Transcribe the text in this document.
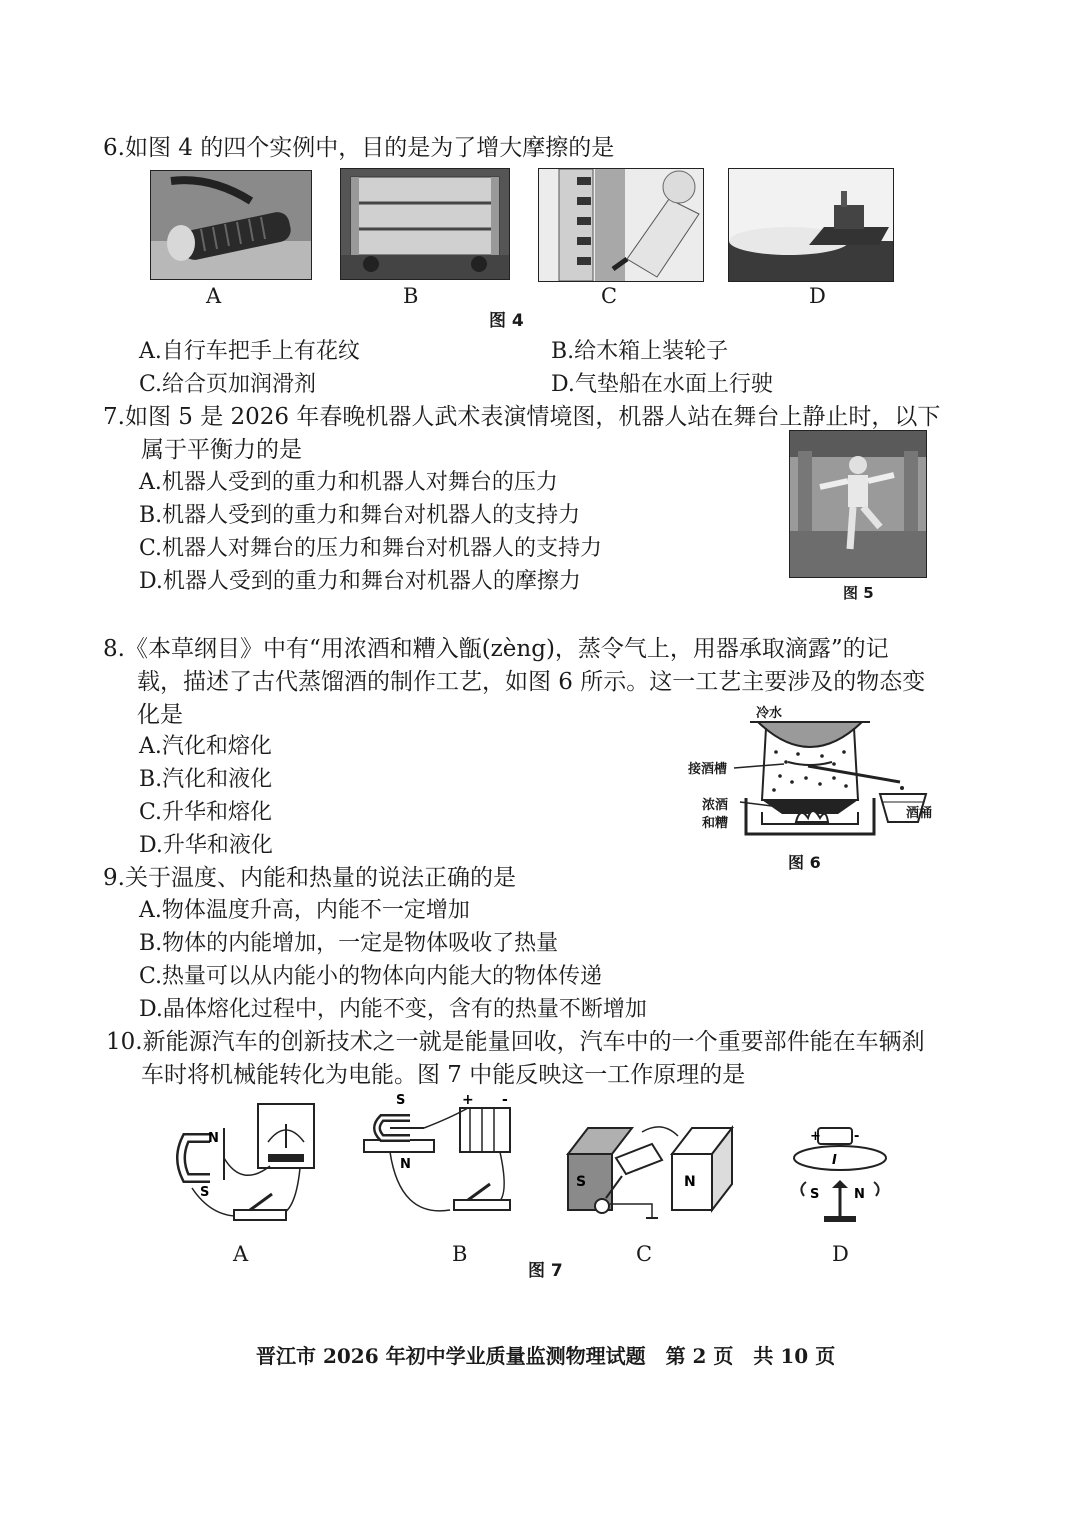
6.如图 4 的四个实例中，目的是为了增大摩擦的是
A	B	C	D
图 4
A.自行车把手上有花纹	B.给木箱上装轮子
C.给合页加润滑剂	D.气垫船在水面上行驶
7.如图 5 是 2026 年春晚机器人武术表演情境图，机器人站在舞台上静止时，以下
属于平衡力的是
A.机器人受到的重力和机器人对舞台的压力
B.机器人受到的重力和舞台对机器人的支持力
C.机器人对舞台的压力和舞台对机器人的支持力
D.机器人受到的重力和舞台对机器人的摩擦力	图 5
8.《本草纲目》中有“用浓酒和糟入甑(zèng)，蒸令气上，用器承取滴露”的记
载，描述了古代蒸馏酒的制作工艺，如图 6 所示。这一工艺主要涉及的物态变
化是
A.汽化和熔化
B.汽化和液化
C.升华和熔化
D.升华和液化
冷水
接酒槽
浓酒
和糟
酒桶
图 6
9.关于温度、内能和热量的说法正确的是
A.物体温度升高，内能不一定增加
B.物体的内能增加，一定是物体吸收了热量
C.热量可以从内能小的物体向内能大的物体传递
D.晶体熔化过程中，内能不变，含有的热量不断增加
10.新能源汽车的创新技术之一就是能量回收，汽车中的一个重要部件能在车辆刹
车时将机械能转化为电能。图 7 中能反映这一工作原理的是
N
S
S
N
+ -
S	N
+	-
I
S	N
A	B	C	D
图 7
晋江市 2026 年初中学业质量监测物理试题　第 2 页　共 10 页
